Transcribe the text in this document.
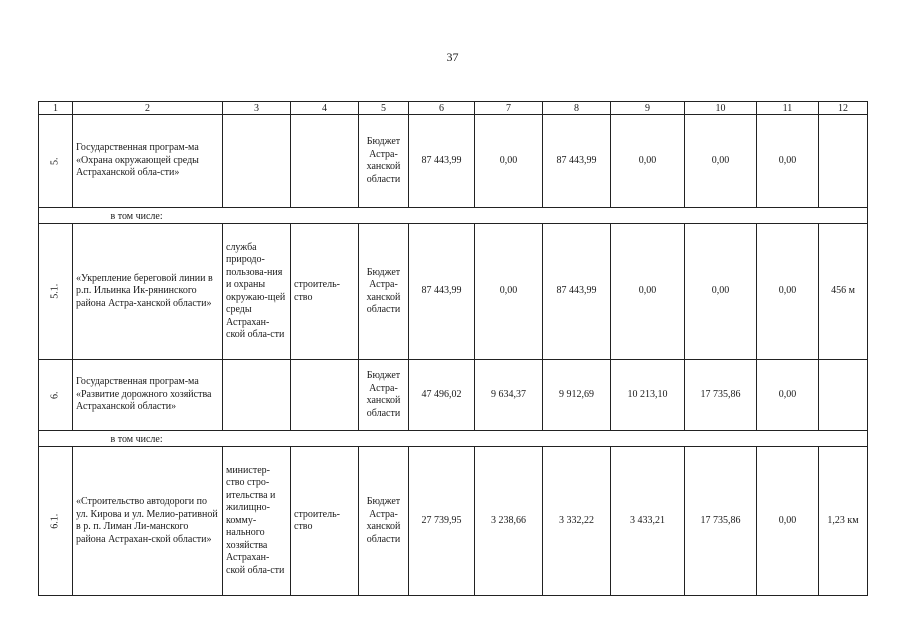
37
1	2	3	4	5	6	7	8	9	10	11	12
5.	Государственная програм-ма «Охрана окружающей среды Астраханской обла-сти»			Бюджет Астра-ханской области	87 443,99	0,00	87 443,99	0,00	0,00	0,00	
	в том числе:										
5.1.	«Укрепление береговой линии в р.п. Ильинка Ик-рянинского района Астра-ханской области»	служба природо-пользова-ния и охраны окружаю-щей среды Астрахан-ской обла-сти	строитель-ство	Бюджет Астра-ханской области	87 443,99	0,00	87 443,99	0,00	0,00	0,00	456 м
6.	Государственная програм-ма «Развитие дорожного хозяйства Астраханской области»			Бюджет Астра-ханской области	47 496,02	9 634,37	9 912,69	10 213,10	17 735,86	0,00	
	в том числе:										
6.1.	«Строительство автодороги по ул. Кирова и ул. Мелио-ративной в р. п. Лиман Ли-манского района Астрахан-ской области»	министер-ство стро-ительства и жилищно-комму-нального хозяйства Астрахан-ской обла-сти	строитель-ство	Бюджет Астра-ханской области	27 739,95	3 238,66	3 332,22	3 433,21	17 735,86	0,00	1,23 км
